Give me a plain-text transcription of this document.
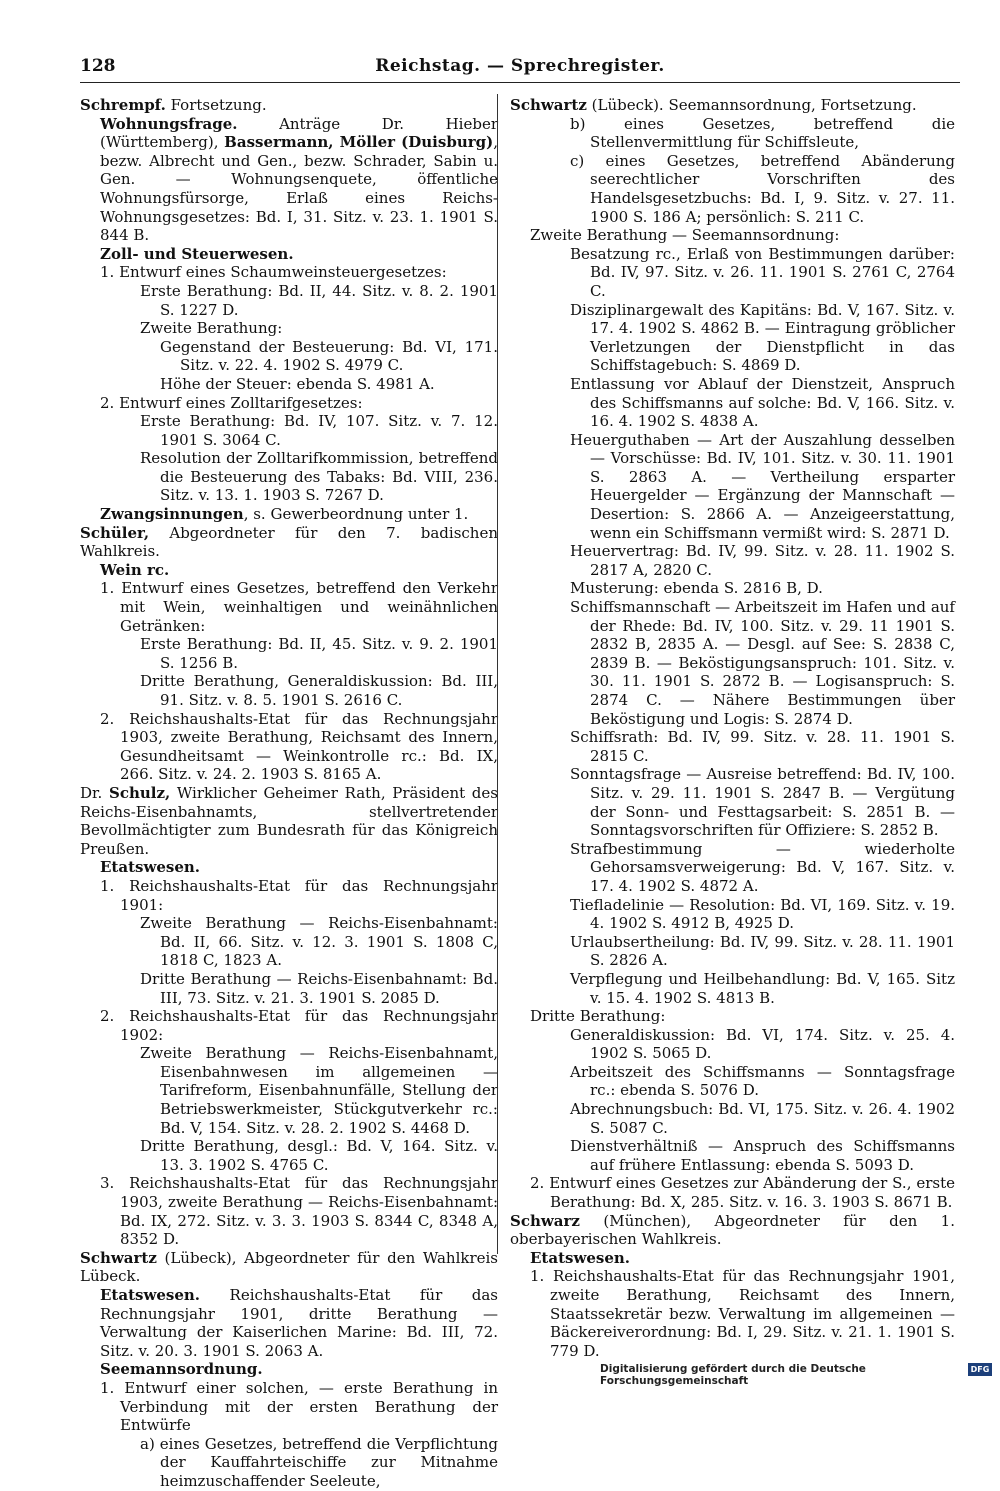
128	Reichstag. — Sprechregister.

Schrempf. Fortsetzung.

Wohnungsfrage. Anträge Dr. Hieber (Württemberg), Bassermann, Möller (Duisburg), bezw. Albrecht und Gen., bezw. Schrader, Sabin u. Gen. — Wohnungsenquete, öffentliche Wohnungsfürsorge, Erlaß eines Reichs-Wohnungsgesetzes: Bd. I, 31. Sitz. v. 23. 1. 1901 S. 844 B.

Zoll- und Steuerwesen.

1. Entwurf eines Schaumweinsteuergesetzes:

Erste Berathung: Bd. II, 44. Sitz. v. 8. 2. 1901 S. 1227 D.

Zweite Berathung:

Gegenstand der Besteuerung: Bd. VI, 171. Sitz. v. 22. 4. 1902 S. 4979 C.

Höhe der Steuer: ebenda S. 4981 A.

2. Entwurf eines Zolltarifgesetzes:

Erste Berathung: Bd. IV, 107. Sitz. v. 7. 12. 1901 S. 3064 C.

Resolution der Zolltarifkommission, betreffend die Besteuerung des Tabaks: Bd. VIII, 236. Sitz. v. 13. 1. 1903 S. 7267 D.

Zwangsinnungen, s. Gewerbeordnung unter 1.

Schüler, Abgeordneter für den 7. badischen Wahlkreis.

Wein rc.

1. Entwurf eines Gesetzes, betreffend den Verkehr mit Wein, weinhaltigen und weinähnlichen Getränken:

Erste Berathung: Bd. II, 45. Sitz. v. 9. 2. 1901 S. 1256 B.

Dritte Berathung, Generaldiskussion: Bd. III, 91. Sitz. v. 8. 5. 1901 S. 2616 C.

2. Reichshaushalts-Etat für das Rechnungsjahr 1903, zweite Berathung, Reichsamt des Innern, Gesundheitsamt — Weinkontrolle rc.: Bd. IX, 266. Sitz. v. 24. 2. 1903 S. 8165 A.

Dr. Schulz, Wirklicher Geheimer Rath, Präsident des Reichs-Eisenbahnamts, stellvertretender Bevollmächtigter zum Bundesrath für das Königreich Preußen.

Etatswesen.

1. Reichshaushalts-Etat für das Rechnungsjahr 1901:

Zweite Berathung — Reichs-Eisenbahnamt: Bd. II, 66. Sitz. v. 12. 3. 1901 S. 1808 C, 1818 C, 1823 A.

Dritte Berathung — Reichs-Eisenbahnamt: Bd. III, 73. Sitz. v. 21. 3. 1901 S. 2085 D.

2. Reichshaushalts-Etat für das Rechnungsjahr 1902:

Zweite Berathung — Reichs-Eisenbahnamt, Eisenbahnwesen im allgemeinen — Tarifreform, Eisenbahnunfälle, Stellung der Betriebswerkmeister, Stückgutverkehr rc.: Bd. V, 154. Sitz. v. 28. 2. 1902 S. 4468 D.

Dritte Berathung, desgl.: Bd. V, 164. Sitz. v. 13. 3. 1902 S. 4765 C.

3. Reichshaushalts-Etat für das Rechnungsjahr 1903, zweite Berathung — Reichs-Eisenbahnamt: Bd. IX, 272. Sitz. v. 3. 3. 1903 S. 8344 C, 8348 A, 8352 D.

Schwartz (Lübeck), Abgeordneter für den Wahlkreis Lübeck.

Etatswesen. Reichshaushalts-Etat für das Rechnungsjahr 1901, dritte Berathung — Verwaltung der Kaiserlichen Marine: Bd. III, 72. Sitz. v. 20. 3. 1901 S. 2063 A.

Seemannsordnung.

1. Entwurf einer solchen, — erste Berathung in Verbindung mit der ersten Berathung der Entwürfe

a) eines Gesetzes, betreffend die Verpflichtung der Kauffahrteischiffe zur Mitnahme heimzuschaffender Seeleute,

Schwartz (Lübeck). Seemannsordnung, Fortsetzung.

b) eines Gesetzes, betreffend die Stellenvermittlung für Schiffsleute,

c) eines Gesetzes, betreffend Abänderung seerechtlicher Vorschriften des Handelsgesetzbuchs: Bd. I, 9. Sitz. v. 27. 11. 1900 S. 186 A; persönlich: S. 211 C.

Zweite Berathung — Seemannsordnung:

Besatzung rc., Erlaß von Bestimmungen darüber: Bd. IV, 97. Sitz. v. 26. 11. 1901 S. 2761 C, 2764 C.

Disziplinargewalt des Kapitäns: Bd. V, 167. Sitz. v. 17. 4. 1902 S. 4862 B. — Eintragung gröblicher Verletzungen der Dienstpflicht in das Schiffstagebuch: S. 4869 D.

Entlassung vor Ablauf der Dienstzeit, Anspruch des Schiffsmanns auf solche: Bd. V, 166. Sitz. v. 16. 4. 1902 S. 4838 A.

Heuerguthaben — Art der Auszahlung desselben — Vorschüsse: Bd. IV, 101. Sitz. v. 30. 11. 1901 S. 2863 A. — Vertheilung ersparter Heuergelder — Ergänzung der Mannschaft — Desertion: S. 2866 A. — Anzeigeerstattung, wenn ein Schiffsmann vermißt wird: S. 2871 D.

Heuervertrag: Bd. IV, 99. Sitz. v. 28. 11. 1902 S. 2817 A, 2820 C.

Musterung: ebenda S. 2816 B, D.

Schiffsmannschaft — Arbeitszeit im Hafen und auf der Rhede: Bd. IV, 100. Sitz. v. 29. 11 1901 S. 2832 B, 2835 A. — Desgl. auf See: S. 2838 C, 2839 B. — Beköstigungsanspruch: 101. Sitz. v. 30. 11. 1901 S. 2872 B. — Logisanspruch: S. 2874 C. — Nähere Bestimmungen über Beköstigung und Logis: S. 2874 D.

Schiffsrath: Bd. IV, 99. Sitz. v. 28. 11. 1901 S. 2815 C.

Sonntagsfrage — Ausreise betreffend: Bd. IV, 100. Sitz. v. 29. 11. 1901 S. 2847 B. — Vergütung der Sonn- und Festtagsarbeit: S. 2851 B. — Sonntagsvorschriften für Offiziere: S. 2852 B.

Strafbestimmung — wiederholte Gehorsamsverweigerung: Bd. V, 167. Sitz. v. 17. 4. 1902 S. 4872 A.

Tiefladelinie — Resolution: Bd. VI, 169. Sitz. v. 19. 4. 1902 S. 4912 B, 4925 D.

Urlaubsertheilung: Bd. IV, 99. Sitz. v. 28. 11. 1901 S. 2826 A.

Verpflegung und Heilbehandlung: Bd. V, 165. Sitz v. 15. 4. 1902 S. 4813 B.

Dritte Berathung:

Generaldiskussion: Bd. VI, 174. Sitz. v. 25. 4. 1902 S. 5065 D.

Arbeitszeit des Schiffsmanns — Sonntagsfrage rc.: ebenda S. 5076 D.

Abrechnungsbuch: Bd. VI, 175. Sitz. v. 26. 4. 1902 S. 5087 C.

Dienstverhältniß — Anspruch des Schiffsmanns auf frühere Entlassung: ebenda S. 5093 D.

2. Entwurf eines Gesetzes zur Abänderung der S., erste Berathung: Bd. X, 285. Sitz. v. 16. 3. 1903 S. 8671 B.

Schwarz (München), Abgeordneter für den 1. oberbayerischen Wahlkreis.

Etatswesen.

1. Reichshaushalts-Etat für das Rechnungsjahr 1901, zweite Berathung, Reichsamt des Innern, Staatssekretär bezw. Verwaltung im allgemeinen — Bäckereiverordnung: Bd. I, 29. Sitz. v. 21. 1. 1901 S. 779 D.

Digitalisierung gefördert durch die Deutsche Forschungsgemeinschaft
DFG
